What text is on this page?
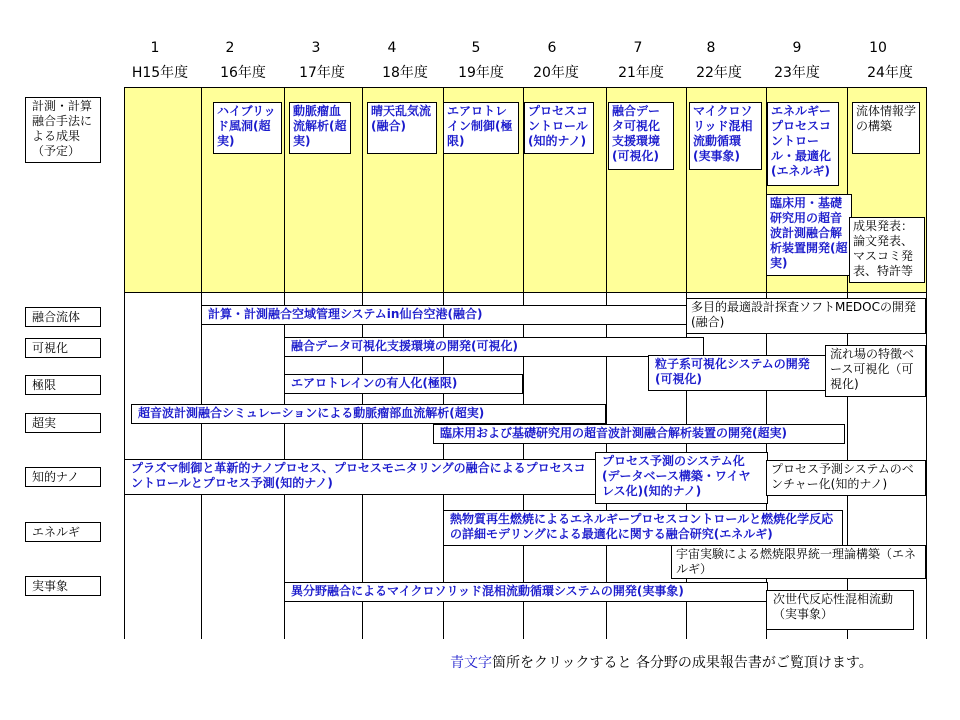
1	2	3	4	5	6	7	8	9	10
H15年度	16年度	17年度	18年度	19年度	20年度	21年度	22年度	23年度	24年度
計測・計算融合手法による成果（予定）
融合流体
可視化
極限
超実
知的ナノ
エネルギ
実事象
ハイブリッド風洞(超実)
動脈瘤血流解析(超実)
晴天乱気流(融合)
エアロトレイン制御(極限)
プロセスコントロール(知的ナノ)
融合データ可視化支援環境(可視化)
マイクロソリッド混相流動循環(実事象)
エネルギープロセスコントロール・最適化(エネルギ)
流体情報学の構築
臨床用・基礎研究用の超音波計測融合解析装置開発(超実)
成果発表：論文発表、マスコミ発表、特許等
計算・計測融合空域管理システムin仙台空港(融合)	多目的最適設計探査ソフトMEDOCの開発(融合)
融合データ可視化支援環境の開発(可視化)
粒子系可視化システムの開発(可視化)
流れ場の特徴ベース可視化（可視化)
エアロトレインの有人化(極限)
超音波計測融合シミュレーションによる動脈瘤部血流解析(超実)
臨床用および基礎研究用の超音波計測融合解析装置の開発(超実)
プラズマ制御と革新的ナノプロセス、プロセスモニタリングの融合によるプロセスコントロールとプロセス予測(知的ナノ)
プロセス予測のシステム化(データベース構築・ワイヤレス化)(知的ナノ)
プロセス予測システムのベンチャー化(知的ナノ)
熱物質再生燃焼によるエネルギープロセスコントロールと燃焼化学反応の詳細モデリングによる最適化に関する融合研究(エネルギ)
宇宙実験による燃焼限界統一理論構築（エネルギ）
異分野融合によるマイクロソリッド混相流動循環システムの開発(実事象)
次世代反応性混相流動（実事象）
青文字箇所をクリックすると 各分野の成果報告書がご覧頂けます。
